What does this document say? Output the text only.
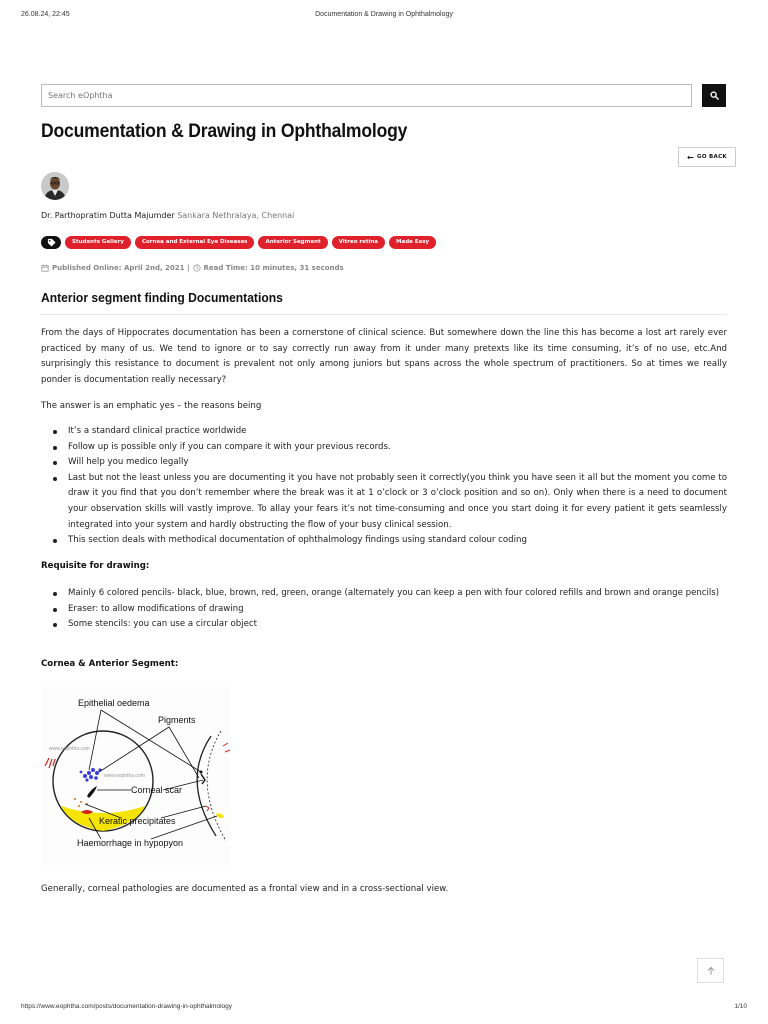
26.08.24, 22:45	Documentation & Drawing in Ophthalmology
Search eOphtha
Documentation & Drawing in Ophthalmology
← GO BACK
Dr. Parthopratim Dutta Majumder Sankara Nethralaya, Chennai
Students Gallery	Cornea and External Eye Diseases	Anterior Segment	Vitreo retina	Made Easy
Published Online: April 2nd, 2021 | Read Time: 10 minutes, 31 seconds
Anterior segment finding Documentations

From the days of Hippocrates documentation has been a cornerstone of clinical science. But somewhere down the line this has become a lost art rarely ever practiced by many of us. We tend to ignore or to say correctly run away from it under many pretexts like its time consuming, it’s of no use, etc.And surprisingly this resistance to document is prevalent not only among juniors but spans across the whole spectrum of practitioners. So at times we really ponder is documentation really necessary?

The answer is an emphatic yes – the reasons being

It’s a standard clinical practice worldwide
Follow up is possible only if you can compare it with your previous records.
Will help you medico legally
Last but not the least unless you are documenting it you have not probably seen it correctly(you think you have seen it all but the moment you come to draw it you find that you don’t remember where the break was it at 1 o’clock or 3 o’clock position and so on). Only when there is a need to document your observation skills will vastly improve. To allay your fears it’s not time-consuming and once you start doing it for every patient it gets seamlessly integrated into your system and hardly obstructing the flow of your busy clinical session.
This section deals with methodical documentation of ophthalmology findings using standard colour coding
Requisite for drawing:
Mainly 6 colored pencils- black, blue, brown, red, green, orange (alternately you can keep a pen with four colored refills and brown and orange pencils)
Eraser: to allow modifications of drawing
Some stencils: you can use a circular object
Cornea & Anterior Segment:
www.eophtha.com
www.eophtha.com
Epithelial oedema
Pigments
Corneal scar
Keratic precipitates
Haemorrhage in hypopyon

Generally, corneal pathologies are documented as a frontal view and in a cross-sectional view.

https://www.eophtha.com/posts/documentation-drawing-in-ophthalmology	1/10
